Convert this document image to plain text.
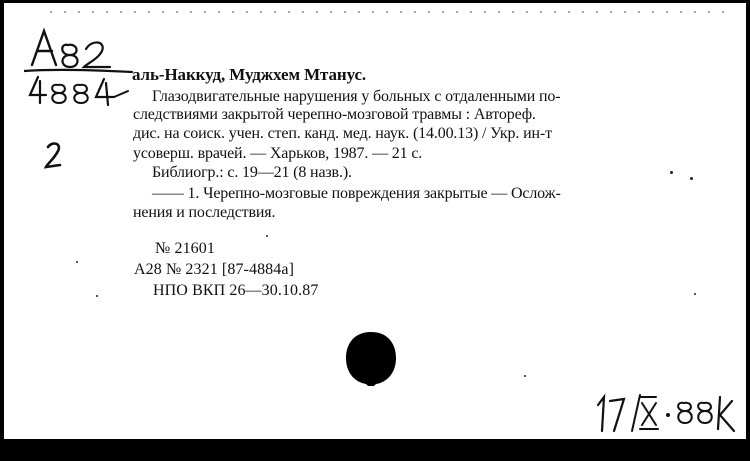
аль-Наккуд, Муджхем Мтанус.
Глазодвигательные нарушения у больных с отдаленными по-
следствиями закрытой черепно-мозговой травмы : Автореф.
дис. на соиск. учен. степ. канд. мед. наук. (14.00.13) / Укр. ин-т
усоверш. врачей. — Харьков, 1987. — 21 с.
Библиогр.: с. 19—21 (8 назв.).
—— 1. Черепно-мозговые повреждения закрытые — Ослож-
нения и последствия.
№ 21601
А28 № 2321 [87-4884а]
НПО ВКП 26—30.10.87
